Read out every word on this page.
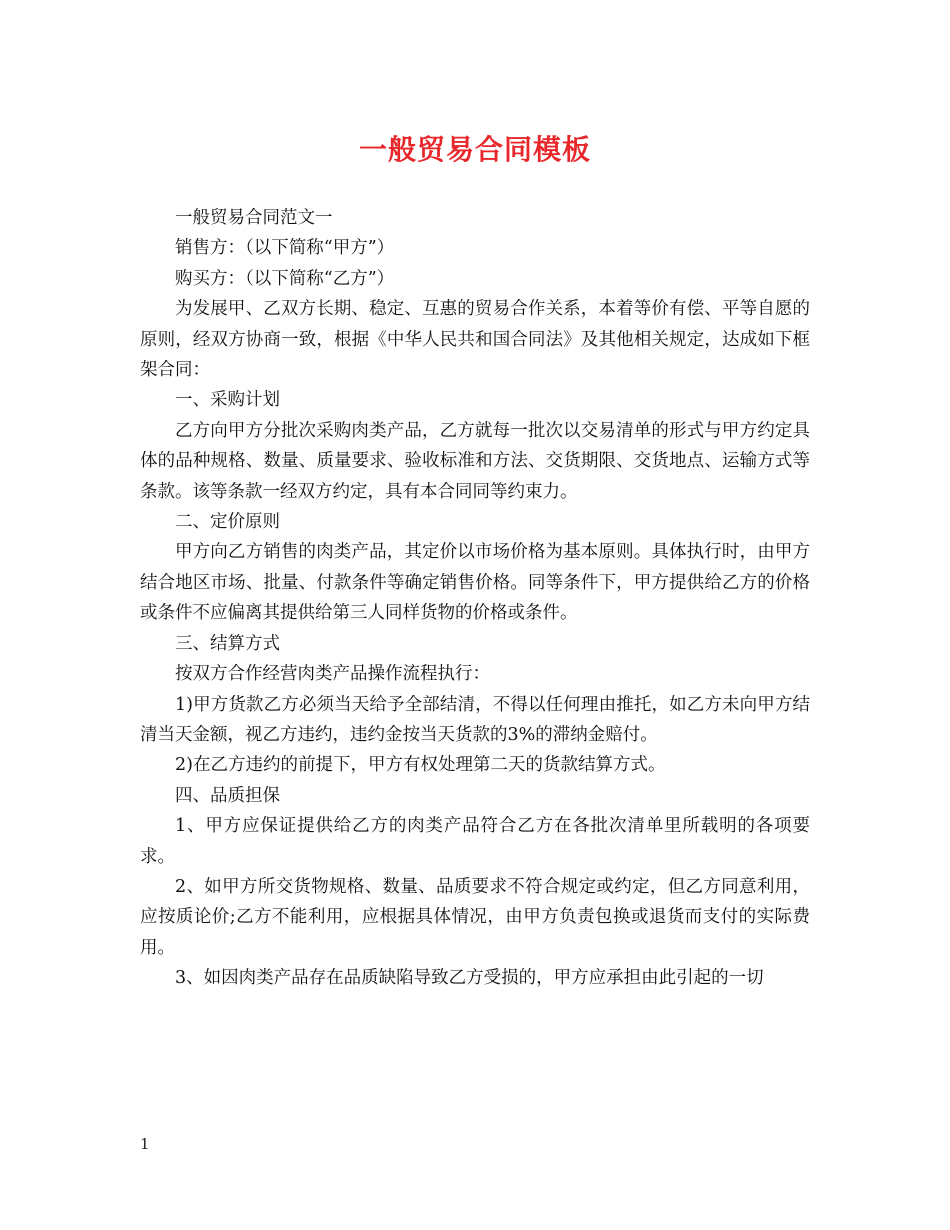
一般贸易合同模板

一般贸易合同范文一

销售方：（以下简称“甲方”）

购买方：（以下简称“乙方”）

为发展甲、乙双方长期、稳定、互惠的贸易合作关系，本着等价有偿、平等自愿的原则，经双方协商一致，根据《中华人民共和国合同法》及其他相关规定，达成如下框架合同：

一、采购计划

乙方向甲方分批次采购肉类产品，乙方就每一批次以交易清单的形式与甲方约定具体的品种规格、数量、质量要求、验收标准和方法、交货期限、交货地点、运输方式等条款。该等条款一经双方约定，具有本合同同等约束力。

二、定价原则

甲方向乙方销售的肉类产品，其定价以市场价格为基本原则。具体执行时，由甲方结合地区市场、批量、付款条件等确定销售价格。同等条件下，甲方提供给乙方的价格或条件不应偏离其提供给第三人同样货物的价格或条件。

三、结算方式

按双方合作经营肉类产品操作流程执行：

1)甲方货款乙方必须当天给予全部结清，不得以任何理由推托，如乙方未向甲方结清当天金额，视乙方违约，违约金按当天货款的3%的滞纳金赔付。

2)在乙方违约的前提下，甲方有权处理第二天的货款结算方式。

四、品质担保

1、甲方应保证提供给乙方的肉类产品符合乙方在各批次清单里所载明的各项要求。

2、如甲方所交货物规格、数量、品质要求不符合规定或约定，但乙方同意利用，应按质论价;乙方不能利用，应根据具体情况，由甲方负责包换或退货而支付的实际费用。

3、如因肉类产品存在品质缺陷导致乙方受损的，甲方应承担由此引起的一切

1
